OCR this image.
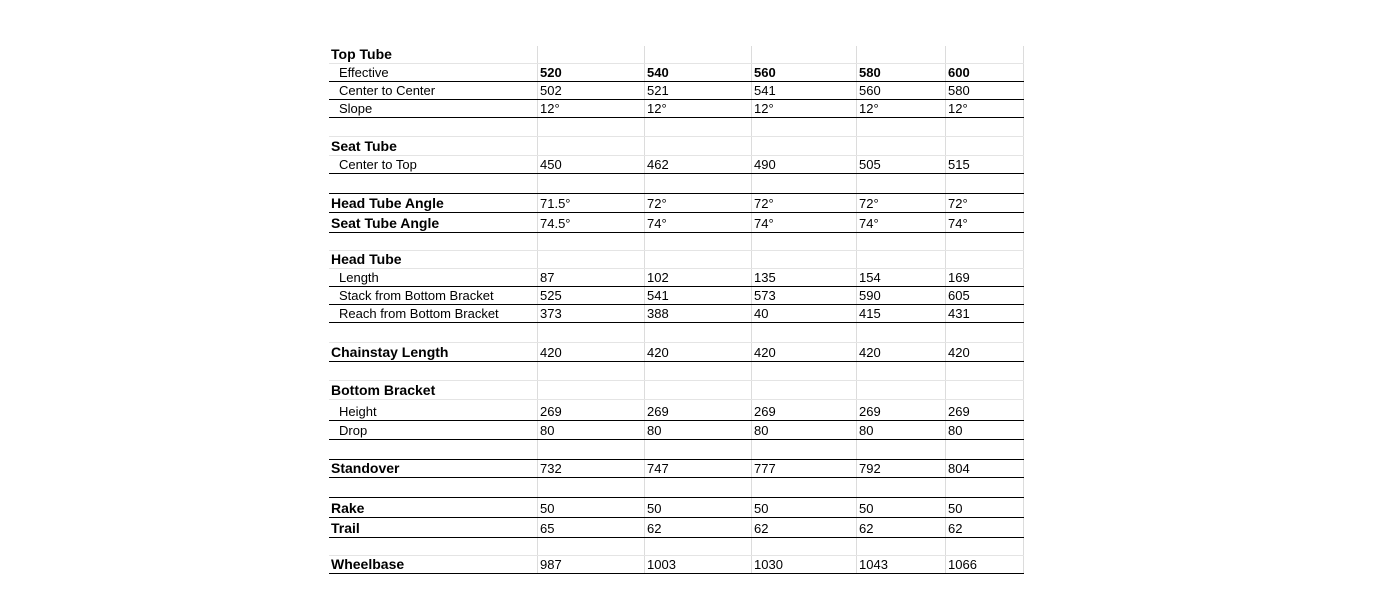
Top Tube
Effective	520	540	560	580	600
Center to Center	502	521	541	560	580
Slope	12°	12°	12°	12°	12°
Seat Tube
Center to Top	450	462	490	505	515
Head Tube Angle	71.5°	72°	72°	72°	72°
Seat Tube Angle	74.5°	74°	74°	74°	74°
Head Tube
Length	87	102	135	154	169
Stack from Bottom Bracket	525	541	573	590	605
Reach from Bottom Bracket	373	388	40	415	431
Chainstay Length	420	420	420	420	420
Bottom Bracket
Height	269	269	269	269	269
Drop	80	80	80	80	80
Standover	732	747	777	792	804
Rake	50	50	50	50	50
Trail	65	62	62	62	62
Wheelbase	987	1003	1030	1043	1066
